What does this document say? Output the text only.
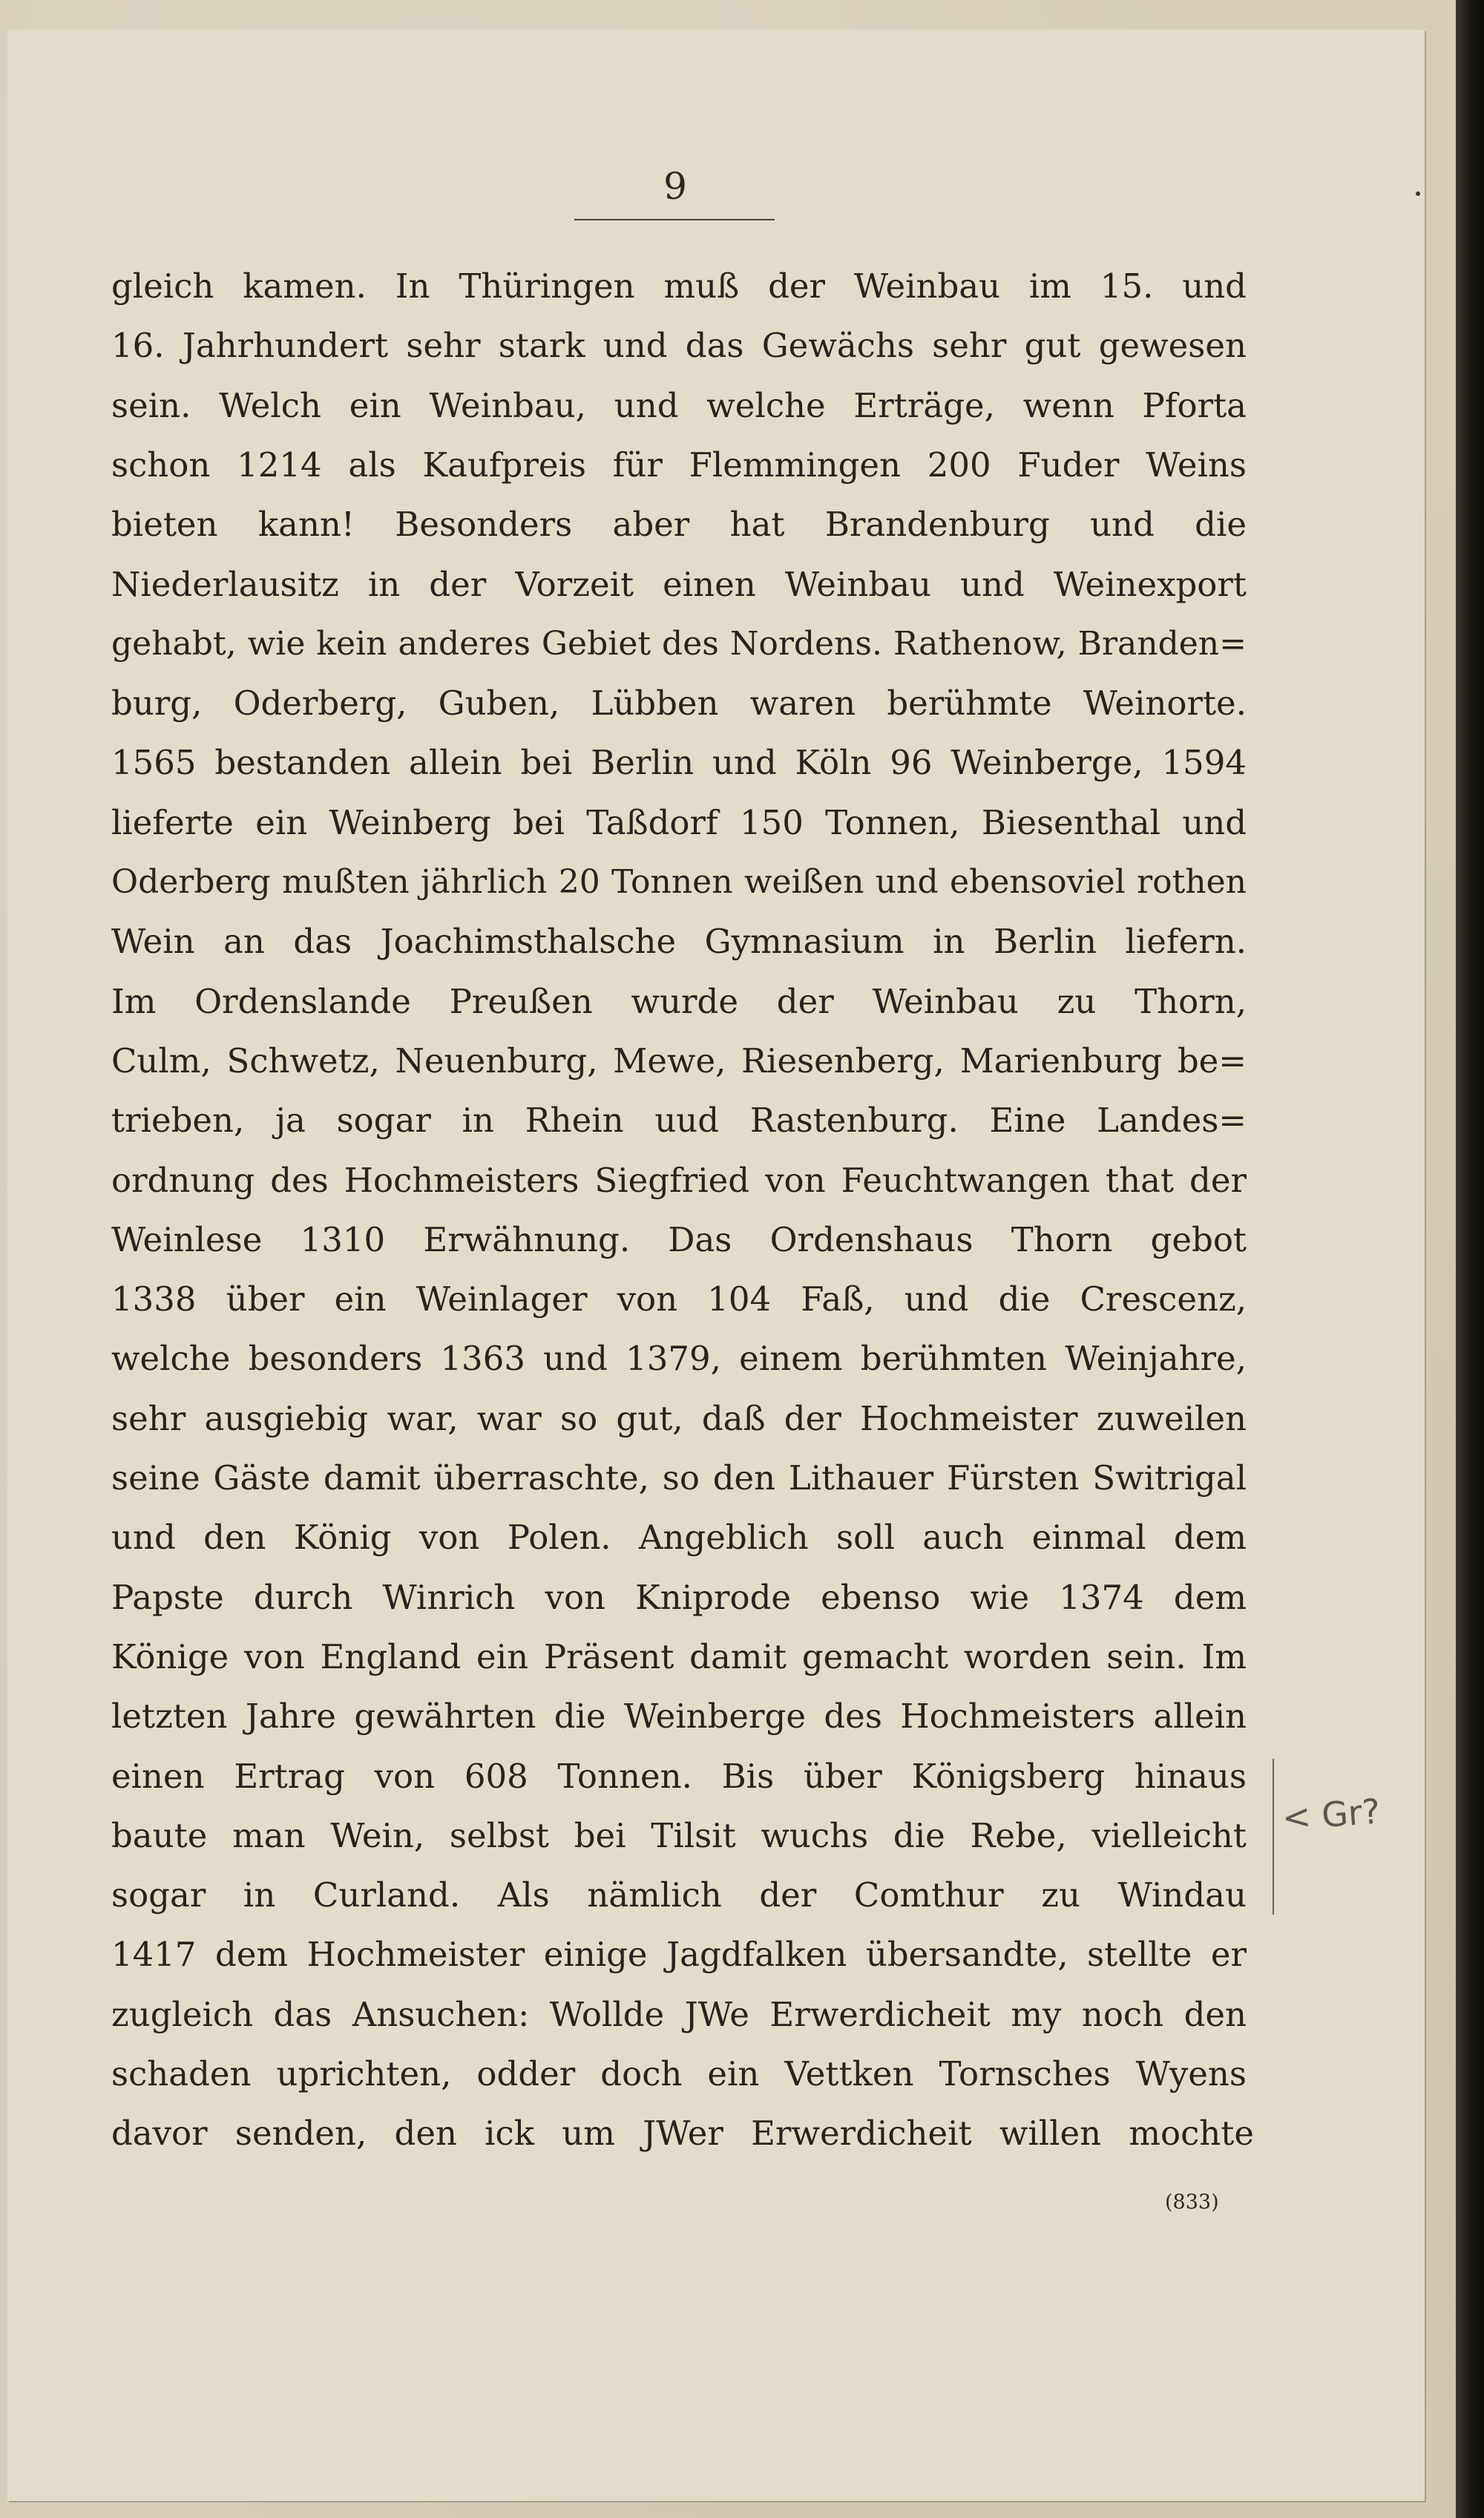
9
gleich kamen. In Thüringen muß der Weinbau im 15. und
16. Jahrhundert sehr stark und das Gewächs sehr gut gewesen
sein. Welch ein Weinbau, und welche Erträge, wenn Pforta
schon 1214 als Kaufpreis für Flemmingen 200 Fuder Weins
bieten kann! Besonders aber hat Brandenburg und die
Niederlausitz in der Vorzeit einen Weinbau und Weinexport
gehabt, wie kein anderes Gebiet des Nordens. Rathenow, Branden=
burg, Oderberg, Guben, Lübben waren berühmte Weinorte.
1565 bestanden allein bei Berlin und Köln 96 Weinberge, 1594
lieferte ein Weinberg bei Taßdorf 150 Tonnen, Biesenthal und
Oderberg mußten jährlich 20 Tonnen weißen und ebensoviel rothen
Wein an das Joachimsthalsche Gymnasium in Berlin liefern.
Im Ordenslande Preußen wurde der Weinbau zu Thorn,
Culm, Schwetz, Neuenburg, Mewe, Riesenberg, Marienburg be=
trieben, ja sogar in Rhein uud Rastenburg. Eine Landes=
ordnung des Hochmeisters Siegfried von Feuchtwangen that der
Weinlese 1310 Erwähnung. Das Ordenshaus Thorn gebot
1338 über ein Weinlager von 104 Faß, und die Crescenz,
welche besonders 1363 und 1379, einem berühmten Weinjahre,
sehr ausgiebig war, war so gut, daß der Hochmeister zuweilen
seine Gäste damit überraschte, so den Lithauer Fürsten Switrigal
und den König von Polen. Angeblich soll auch einmal dem
Papste durch Winrich von Kniprode ebenso wie 1374 dem
Könige von England ein Präsent damit gemacht worden sein. Im
letzten Jahre gewährten die Weinberge des Hochmeisters allein
einen Ertrag von 608 Tonnen. Bis über Königsberg hinaus
baute man Wein, selbst bei Tilsit wuchs die Rebe, vielleicht
sogar in Curland. Als nämlich der Comthur zu Windau
1417 dem Hochmeister einige Jagdfalken übersandte, stellte er
zugleich das Ansuchen: Wollde JWe Erwerdicheit my noch den
schaden uprichten, odder doch ein Vettken Tornsches Wyens
davor senden, den ick um JWer Erwerdicheit willen mochte
< Gr?
(833)
